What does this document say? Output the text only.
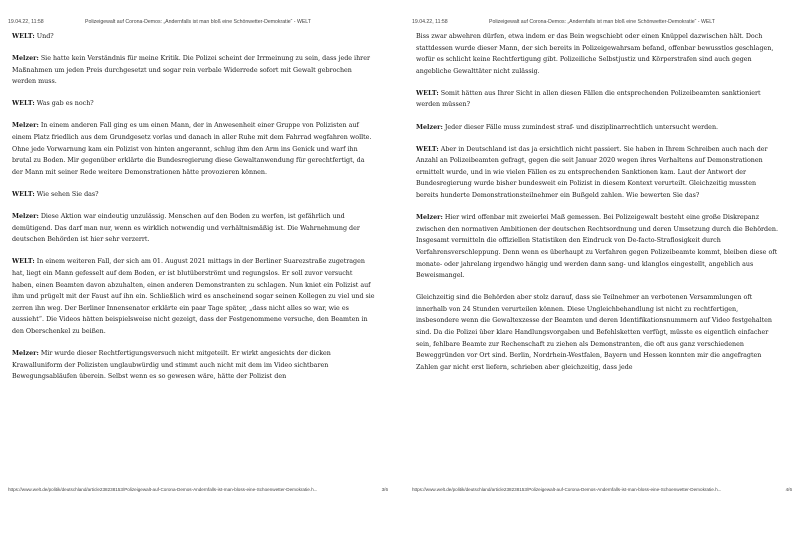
19.04.22, 11:58	Polizeigewalt auf Corona-Demos: „Andernfalls ist man bloß eine Schönwetter-Demokratie“ - WELT

WELT: Und?

Melzer: Sie hatte kein Verständnis für meine Kritik. Die Polizei scheint der Irrmeinung zu sein, dass jede ihrer Maßnahmen um jeden Preis durchgesetzt und sogar rein verbale Widerrede sofort mit Gewalt gebrochen werden muss.

WELT: Was gab es noch?

Melzer: In einem anderen Fall ging es um einen Mann, der in Anwesenheit einer Gruppe von Polizisten auf einem Platz friedlich aus dem Grundgesetz vorlas und danach in aller Ruhe mit dem Fahrrad wegfahren wollte. Ohne jede Vorwarnung kam ein Polizist von hinten angerannt, schlug ihm den Arm ins Genick und warf ihn brutal zu Boden. Mir gegenüber erklärte die Bundesregierung diese Gewaltanwendung für gerechtfertigt, da der Mann mit seiner Rede weitere Demonstrationen hätte provozieren können.

WELT: Wie sehen Sie das?

Melzer: Diese Aktion war eindeutig unzulässig. Menschen auf den Boden zu werfen, ist gefährlich und demütigend. Das darf man nur, wenn es wirklich notwendig und verhältnismäßig ist. Die Wahrnehmung der deutschen Behörden ist hier sehr verzerrt.

WELT: In einem weiteren Fall, der sich am 01. August 2021 mittags in der Berliner Suarezstraße zugetragen hat, liegt ein Mann gefesselt auf dem Boden, er ist blutüberströmt und regungslos. Er soll zuvor versucht haben, einen Beamten davon abzuhalten, einen anderen Demonstranten zu schlagen. Nun kniet ein Polizist auf ihm und prügelt mit der Faust auf ihn ein. Schließlich wird es anscheinend sogar seinen Kollegen zu viel und sie zerren ihn weg. Der Berliner Innensenator erklärte ein paar Tage später, „dass nicht alles so war, wie es aussieht“. Die Videos hätten beispielsweise nicht gezeigt, dass der Festgenommene versuche, den Beamten in den Oberschenkel zu beißen.

Melzer: Mir wurde dieser Rechtfertigungsversuch nicht mitgeteilt. Er wirkt angesichts der dicken Krawalluniform der Polizisten unglaubwürdig und stimmt auch nicht mit dem im Video sichtbaren Bewegungsabläufen überein. Selbst wenn es so gewesen wäre, hätte der Polizist den

https://www.welt.de/politik/deutschland/article238238153/Polizeigewalt-auf-Corona-Demos-Andernfalls-ist-man-bloss-eine-Schoenwetter-Demokratie.h...	3/6
19.04.22, 11:58	Polizeigewalt auf Corona-Demos: „Andernfalls ist man bloß eine Schönwetter-Demokratie“ - WELT

Biss zwar abwehren dürfen, etwa indem er das Bein wegschiebt oder einen Knüppel dazwischen hält. Doch stattdessen wurde dieser Mann, der sich bereits in Polizeigewahrsam befand, offenbar bewusstlos geschlagen, wofür es schlicht keine Rechtfertigung gibt. Polizeiliche Selbstjustiz und Körperstrafen sind auch gegen angebliche Gewalttäter nicht zulässig.

WELT: Somit hätten aus Ihrer Sicht in allen diesen Fällen die entsprechenden Polizeibeamten sanktioniert werden müssen?

Melzer: Jeder dieser Fälle muss zumindest straf- und disziplinarrechtlich untersucht werden.

WELT: Aber in Deutschland ist das ja ersichtlich nicht passiert. Sie haben in Ihrem Schreiben auch nach der Anzahl an Polizeibeamten gefragt, gegen die seit Januar 2020 wegen ihres Verhaltens auf Demonstrationen ermittelt wurde, und in wie vielen Fällen es zu entsprechenden Sanktionen kam. Laut der Antwort der Bundesregierung wurde bisher bundesweit ein Polizist in diesem Kontext verurteilt. Gleichzeitig mussten bereits hunderte Demonstrationsteilnehmer ein Bußgeld zahlen. Wie bewerten Sie das?

Melzer: Hier wird offenbar mit zweierlei Maß gemessen. Bei Polizeigewalt besteht eine große Diskrepanz zwischen den normativen Ambitionen der deutschen Rechtsordnung und deren Umsetzung durch die Behörden. Insgesamt vermitteln die offiziellen Statistiken den Eindruck von De-facto-Straflosigkeit durch Verfahrensverschleppung. Denn wenn es überhaupt zu Verfahren gegen Polizeibeamte kommt, bleiben diese oft monate- oder jahrelang irgendwo hängig und werden dann sang- und klanglos eingestellt, angeblich aus Beweismangel.

Gleichzeitig sind die Behörden aber stolz darauf, dass sie Teilnehmer an verbotenen Versammlungen oft innerhalb von 24 Stunden verurteilen können. Diese Ungleichbehandlung ist nicht zu rechtfertigen, insbesondere wenn die Gewaltexzesse der Beamten und deren Identifikationsnummern auf Video festgehalten sind. Da die Polizei über klare Handlungsvorgaben und Befehlsketten verfügt, müsste es eigentlich einfacher sein, fehlbare Beamte zur Rechenschaft zu ziehen als Demonstranten, die oft aus ganz verschiedenen Beweggründen vor Ort sind. Berlin, Nordrhein-Westfalen, Bayern und Hessen konnten mir die angefragten Zahlen gar nicht erst liefern, schrieben aber gleichzeitig, dass jede

https://www.welt.de/politik/deutschland/article238238153/Polizeigewalt-auf-Corona-Demos-Andernfalls-ist-man-bloss-eine-Schoenwetter-Demokratie.h...	4/6
